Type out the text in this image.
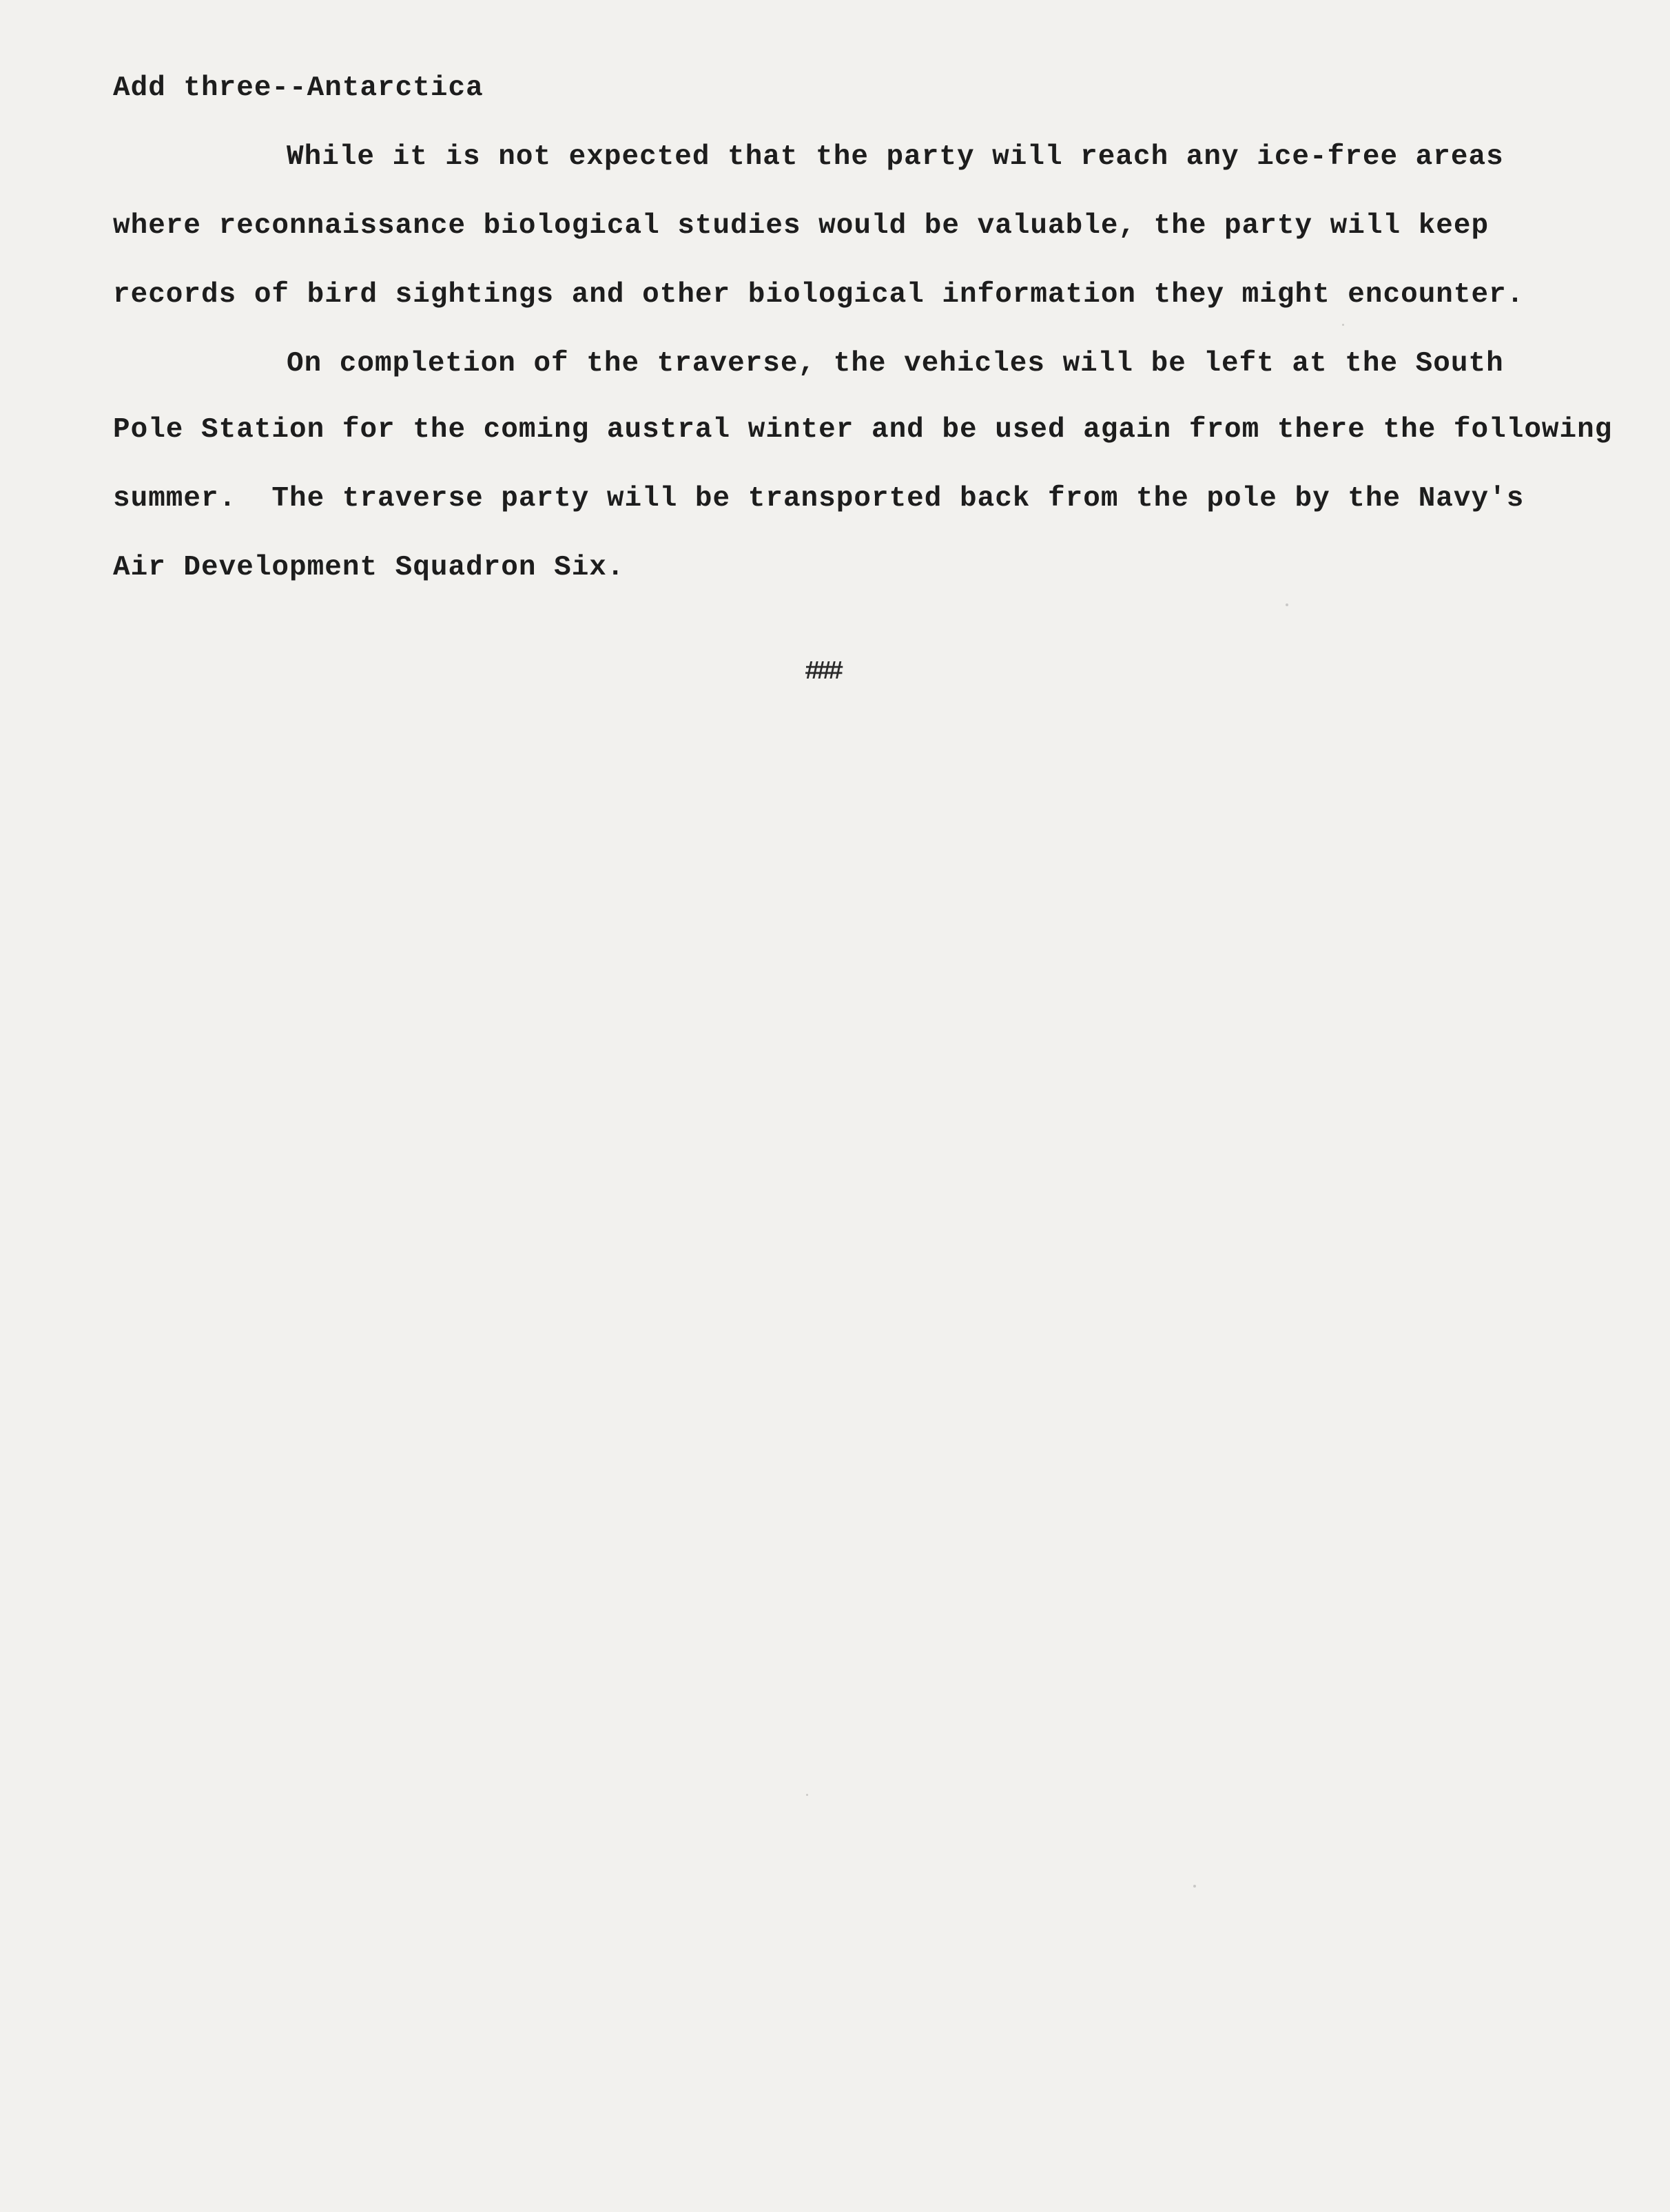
Add three--Antarctica
While it is not expected that the party will reach any ice-free areas
where reconnaissance biological studies would be valuable, the party will keep
records of bird sightings and other biological information they might encounter.
On completion of the traverse, the vehicles will be left at the South
Pole Station for the coming austral winter and be used again from there the following
summer.  The traverse party will be transported back from the pole by the Navy's
Air Development Squadron Six.
###
